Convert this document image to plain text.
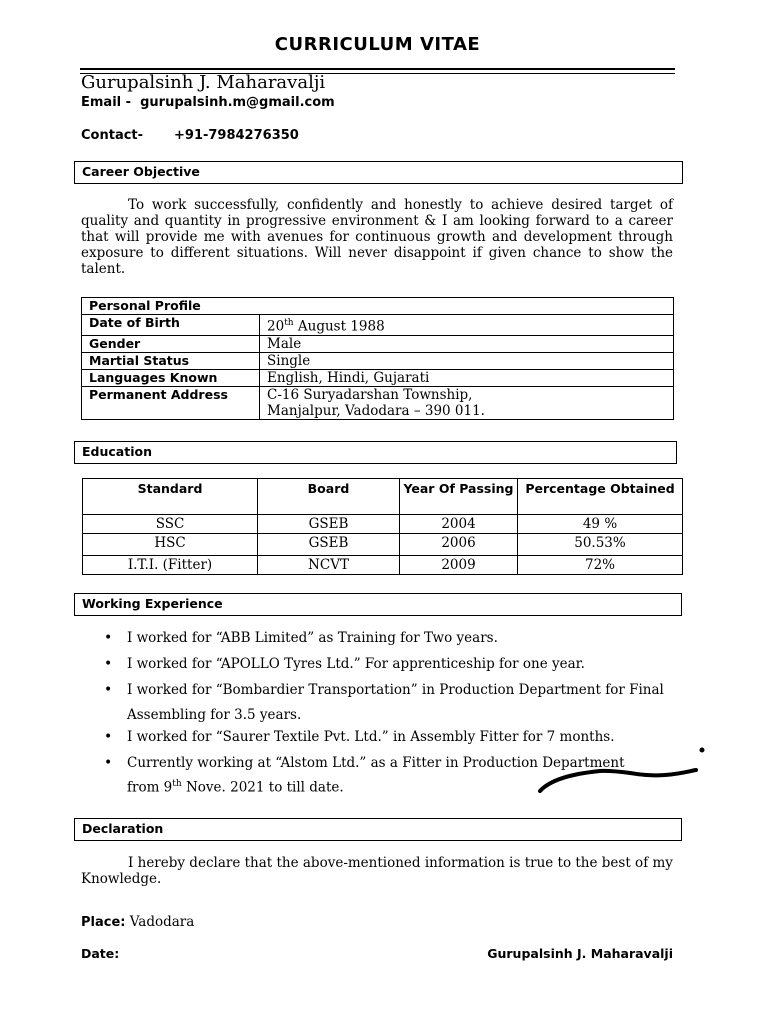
CURRICULUM VITAE
Gurupalsinh J. Maharavalji
Email - gurupalsinh.m@gmail.com
Contact- +91-7984276350
Career Objective
To work successfully, confidently and honestly to achieve desired target of quality and quantity in progressive environment & I am looking forward to a career that will provide me with avenues for continuous growth and development through exposure to different situations. Will never disappoint if given chance to show the talent.
Personal Profile	
Date of Birth	20th August 1988
Gender	Male
Martial Status	Single
Languages Known	English, Hindi, Gujarati
Permanent Address	C-16 Suryadarshan Township,
Manjalpur, Vadodara – 390 011.
Education
Standard	Board	Year Of Passing	Percentage Obtained
SSC	GSEB	2004	49 %
HSC	GSEB	2006	50.53%
I.T.I. (Fitter)	NCVT	2009	72%
Working Experience
• I worked for “ABB Limited” as Training for Two years.
• I worked for “APOLLO Tyres Ltd.” For apprenticeship for one year.
• I worked for “Bombardier Transportation” in Production Department for Final Assembling for 3.5 years.
• I worked for “Saurer Textile Pvt. Ltd.” in Assembly Fitter for 7 months.
• Currently working at “Alstom Ltd.” as a Fitter in Production Department
from 9th Nove. 2021 to till date.
Declaration
I hereby declare that the above-mentioned information is true to the best of my Knowledge.
Place: Vadodara
Date:	Gurupalsinh J. Maharavalji
